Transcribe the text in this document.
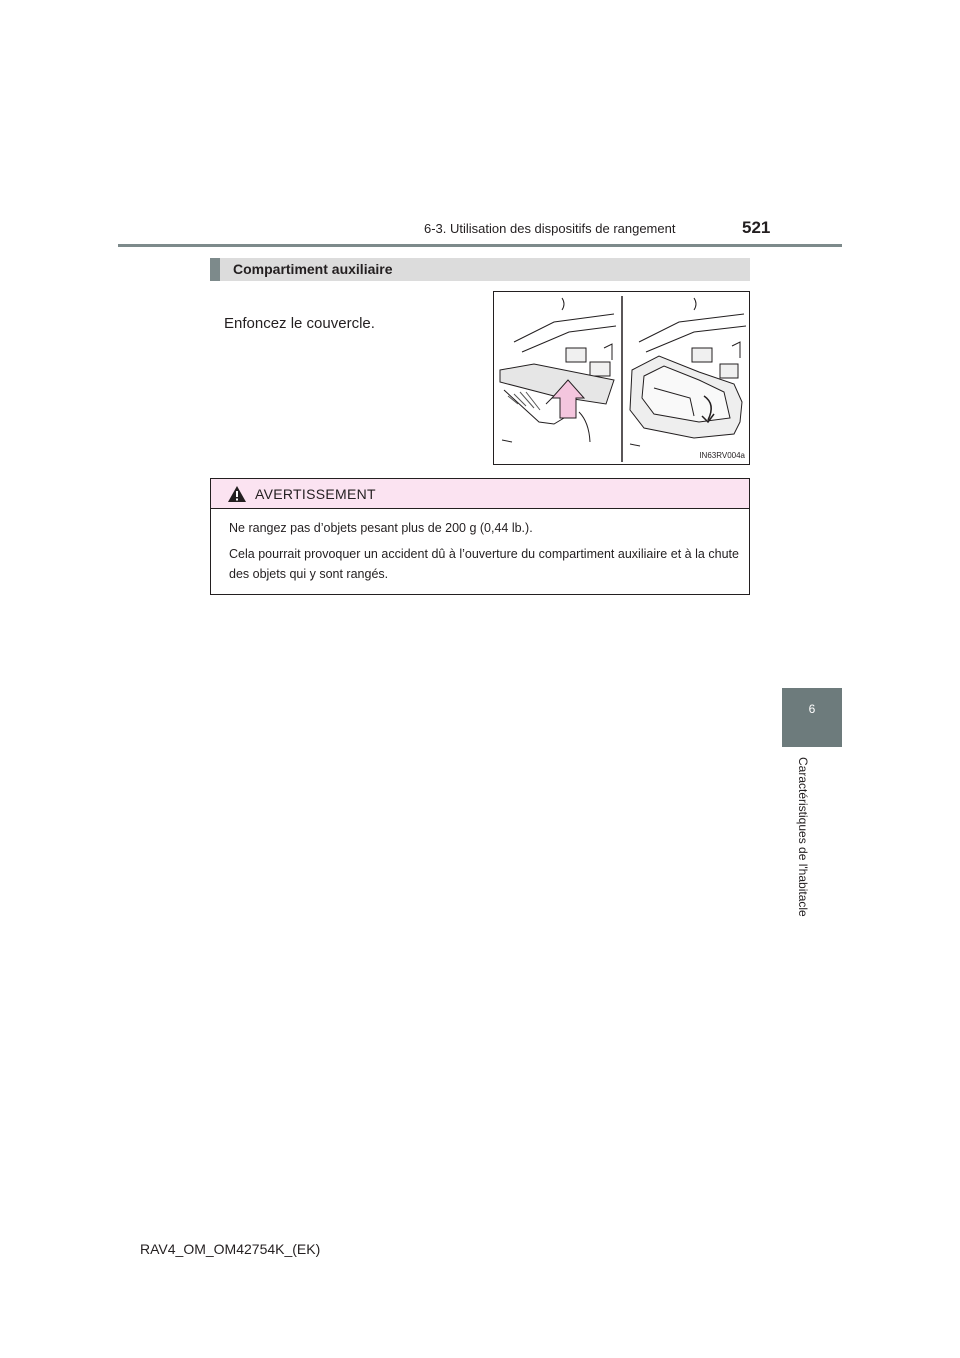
6-3. Utilisation des dispositifs de rangement	521
6
Caractéristiques de l'habitacle
Compartiment auxiliaire
Enfoncez le couvercle.
IN63RV004a
AVERTISSEMENT
Ne rangez pas d’objets pesant plus de 200 g (0,44 lb.).
Cela pourrait provoquer un accident dû à l’ouverture du compartiment auxiliaire et à la chute des objets qui y sont rangés.
RAV4_OM_OM42754K_(EK)
